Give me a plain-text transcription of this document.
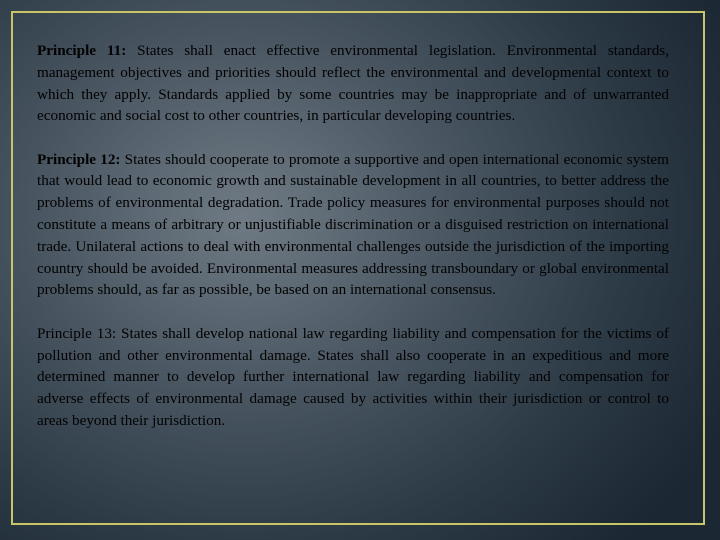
Principle 11: States shall enact effective environmental legislation. Environmental standards, management objectives and priorities should reflect the environmental and developmental context to which they apply. Standards applied by some countries may be inappropriate and of unwarranted economic and social cost to other countries, in particular developing countries.

Principle 12: States should cooperate to promote a supportive and open international economic system that would lead to economic growth and sustainable development in all countries, to better address the problems of environmental degradation. Trade policy measures for environmental purposes should not constitute a means of arbitrary or unjustifiable discrimination or a disguised restriction on international trade. Unilateral actions to deal with environmental challenges outside the jurisdiction of the importing country should be avoided. Environmental measures addressing transboundary or global environmental problems should, as far as possible, be based on an international consensus.

Principle 13: States shall develop national law regarding liability and compensation for the victims of pollution and other environmental damage. States shall also cooperate in an expeditious and more determined manner to develop further international law regarding liability and compensation for adverse effects of environmental damage caused by activities within their jurisdiction or control to areas beyond their jurisdiction.
